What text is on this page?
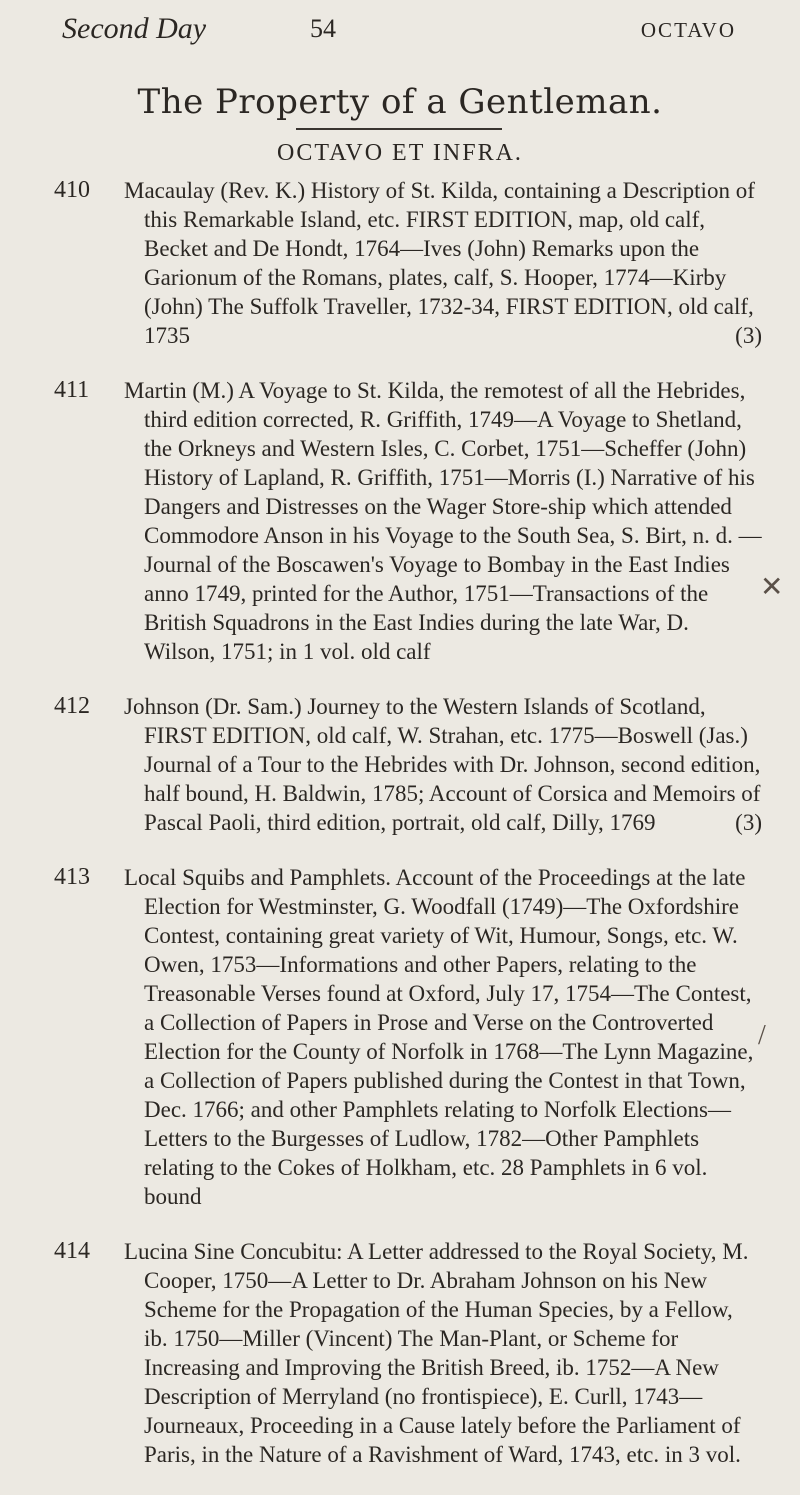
Second Day	54	OCTAVO
The Property of a Gentleman.
OCTAVO ET INFRA.
410 Macaulay (Rev. K.) History of St. Kilda, containing a Description of this Remarkable Island, etc. FIRST EDITION, map, old calf, Becket and De Hondt, 1764—Ives (John) Remarks upon the Garionum of the Romans, plates, calf, S. Hooper, 1774—Kirby (John) The Suffolk Traveller, 1732-34, FIRST EDITION, old calf, 1735	(3)
411 Martin (M.) A Voyage to St. Kilda, the remotest of all the Hebrides, third edition corrected, R. Griffith, 1749—A Voyage to Shetland, the Orkneys and Western Isles, C. Corbet, 1751—Scheffer (John) History of Lapland, R. Griffith, 1751—Morris (I.) Narrative of his Dangers and Distresses on the Wager Store-ship which attended Commodore Anson in his Voyage to the South Sea, S. Birt, n. d. —Journal of the Boscawen's Voyage to Bombay in the East Indies anno 1749, printed for the Author, 1751—Transactions of the British Squadrons in the East Indies during the late War, D. Wilson, 1751; in 1 vol. old calf
412 Johnson (Dr. Sam.) Journey to the Western Islands of Scotland, FIRST EDITION, old calf, W. Strahan, etc. 1775—Boswell (Jas.) Journal of a Tour to the Hebrides with Dr. Johnson, second edition, half bound, H. Baldwin, 1785; Account of Corsica and Memoirs of Pascal Paoli, third edition, portrait, old calf, Dilly, 1769	(3)
413 Local Squibs and Pamphlets. Account of the Proceedings at the late Election for Westminster, G. Woodfall (1749)—The Oxfordshire Contest, containing great variety of Wit, Humour, Songs, etc. W. Owen, 1753—Informations and other Papers, relating to the Treasonable Verses found at Oxford, July 17, 1754—The Contest, a Collection of Papers in Prose and Verse on the Controverted Election for the County of Norfolk in 1768—The Lynn Magazine, a Collection of Papers published during the Contest in that Town, Dec. 1766; and other Pamphlets relating to Norfolk Elections—Letters to the Burgesses of Ludlow, 1782—Other Pamphlets relating to the Cokes of Holkham, etc. 28 Pamphlets in 6 vol. bound
414 Lucina Sine Concubitu: A Letter addressed to the Royal Society, M. Cooper, 1750—A Letter to Dr. Abraham Johnson on his New Scheme for the Propagation of the Human Species, by a Fellow, ib. 1750—Miller (Vincent) The Man-Plant, or Scheme for Increasing and Improving the British Breed, ib. 1752—A New Description of Merryland (no frontispiece), E. Curll, 1743—Journeaux, Proceeding in a Cause lately before the Parliament of Paris, in the Nature of a Ravishment of Ward, 1743, etc. in 3 vol.
✕
/
